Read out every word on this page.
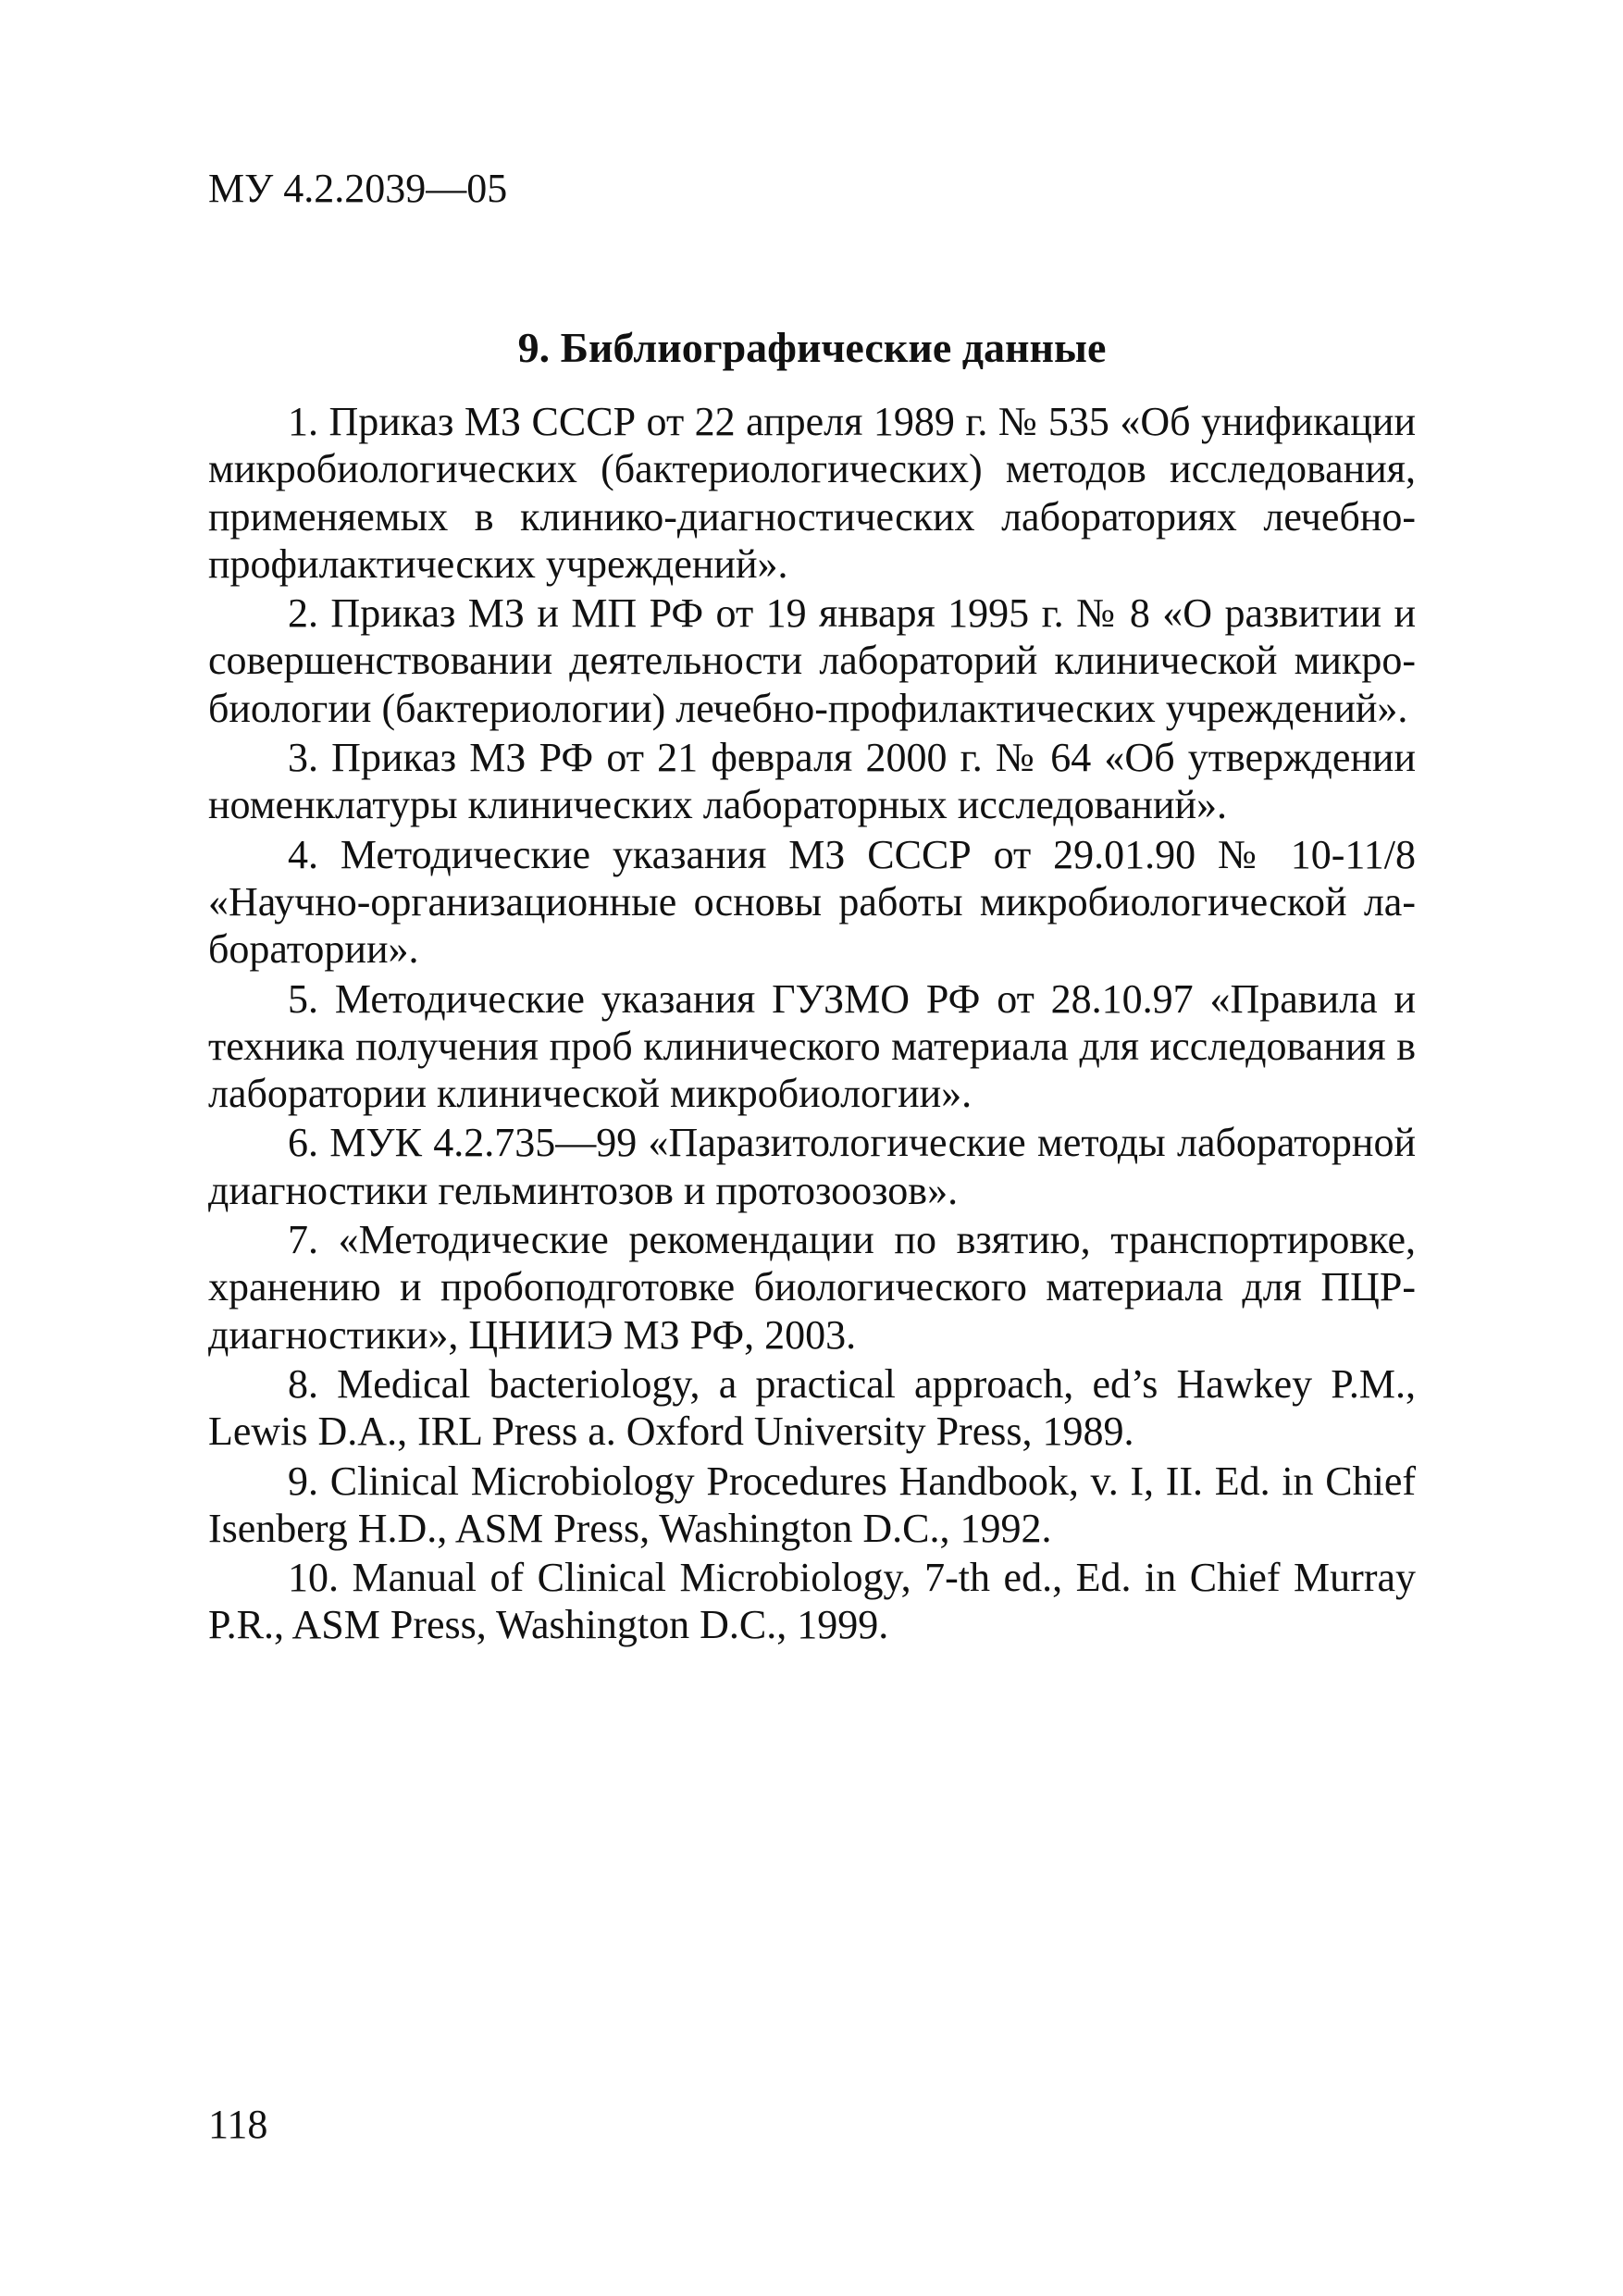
МУ 4.2.2039—05
9. Библиографические данные

1. Приказ МЗ СССР от 22 апреля 1989 г. № 535 «Об унификации микробиологических (бактериологических) методов исследования, применяемых в клинико-диагностических лабораториях лечебно-профилактических учреждений».

2. Приказ МЗ и МП РФ от 19 января 1995 г. № 8 «О развитии и совершенствовании деятельности лабораторий клинической микробиологии (бактериологии) лечебно-профилактических учреждений».

3. Приказ МЗ РФ от 21 февраля 2000 г. № 64 «Об утверждении номенклатуры клинических лабораторных исследований».

4. Методические указания МЗ СССР от 29.01.90 № 10-11/8 «Научно-организационные основы работы микробиологической лаборатории».

5. Методические указания ГУЗМО РФ от 28.10.97 «Правила и техника получения проб клинического материала для исследования в лаборатории клинической микробиологии».

6. МУК 4.2.735—99 «Паразитологические методы лабораторной диагностики гельминтозов и протозоозов».

7. «Методические рекомендации по взятию, транспортировке, хранению и пробоподготовке биологического материала для ПЦР-диагностики», ЦНИИЭ МЗ РФ, 2003.

8. Medical bacteriology, a practical approach, ed’s Hawkey P.M., Lewis D.A., IRL Press a. Oxford University Press, 1989.

9. Clinical Microbiology Procedures Handbook, v. I, II. Ed. in Chief Isenberg H.D., ASM Press, Washington D.C., 1992.

10. Manual of Clinical Microbiology, 7-th ed., Ed. in Chief Murray P.R., ASM Press, Washington D.C., 1999.

118
